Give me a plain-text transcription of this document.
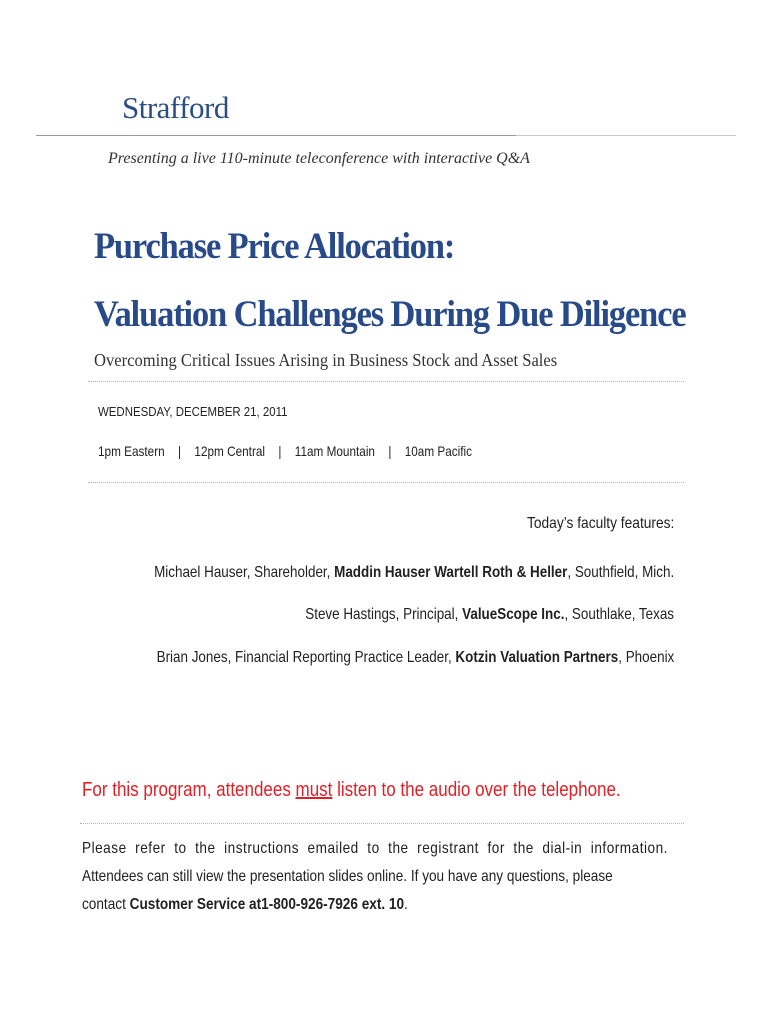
Strafford
Presenting a live 110-minute teleconference with interactive Q&A
Purchase Price Allocation:
Valuation Challenges During Due Diligence
Overcoming Critical Issues Arising in Business Stock and Asset Sales
WEDNESDAY, DECEMBER 21, 2011
1pm Eastern | 12pm Central | 11am Mountain | 10am Pacific
Today’s faculty features:
Michael Hauser, Shareholder, Maddin Hauser Wartell Roth & Heller, Southfield, Mich.
Steve Hastings, Principal, ValueScope Inc., Southlake, Texas
Brian Jones, Financial Reporting Practice Leader, Kotzin Valuation Partners, Phoenix
For this program, attendees must listen to the audio over the telephone.
Please refer to the instructions emailed to the registrant for the dial-in information.
Attendees can still view the presentation slides online. If you have any questions, please
contact Customer Service at1-800-926-7926 ext. 10.
